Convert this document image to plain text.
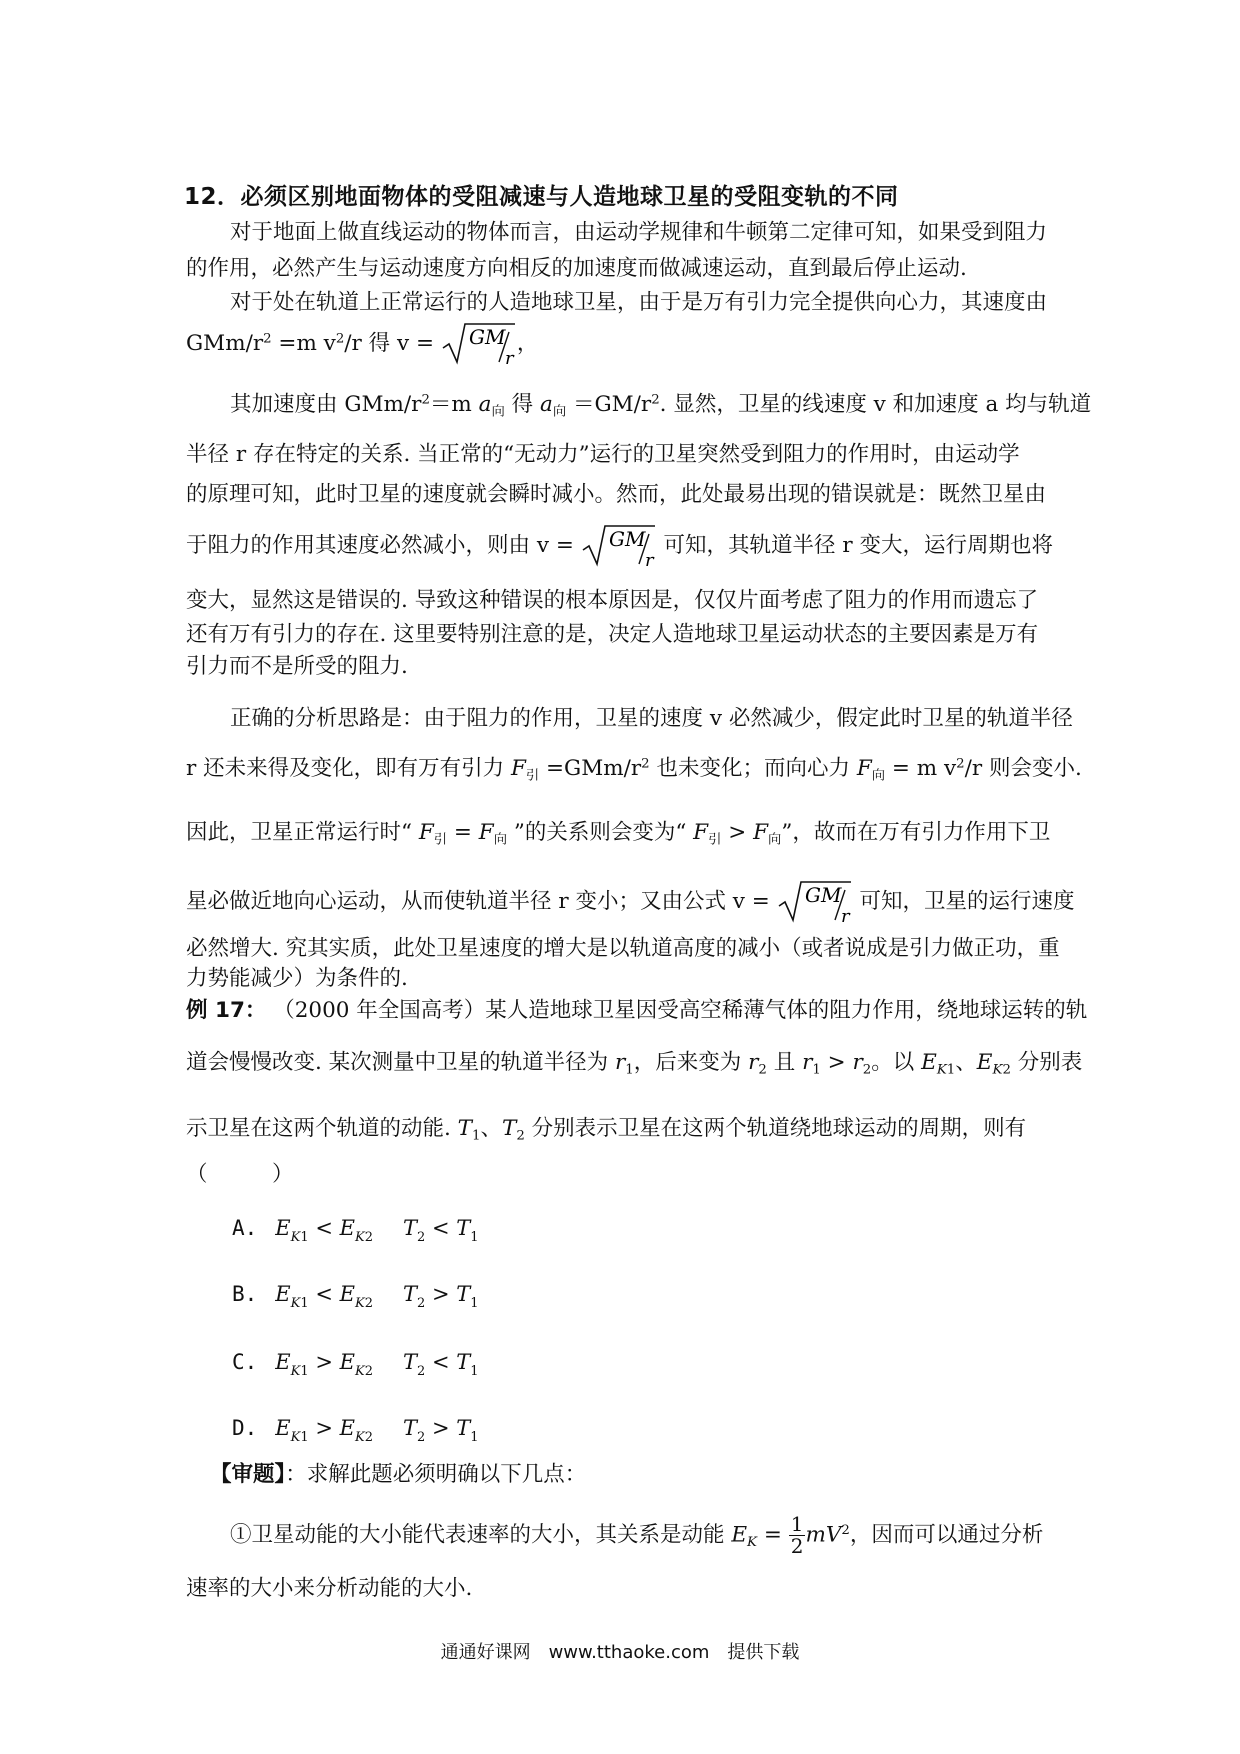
12．必须区别地面物体的受阻减速与人造地球卫星的受阻变轨的不同
对于地面上做直线运动的物体而言，由运动学规律和牛顿第二定律可知，如果受到阻力
的作用，必然产生与运动速度方向相反的加速度而做减速运动，直到最后停止运动.
对于处在轨道上正常运行的人造地球卫星，由于是万有引力完全提供向心力，其速度由
GMm/$r^2 =m$ $v^2/r$ 得 v = GM
r
，
其加速度由 GMm/$r^2=m$ $a_向$ 得 $a_向 =GM/r^2$. 显然，卫星的线速度 v 和加速度 a 均与轨道
半径 r 存在特定的关系. 当正常的“无动力”运行的卫星突然受到阻力的作用时，由运动学
的原理可知，此时卫星的速度就会瞬时减小。然而，此处最易出现的错误就是：既然卫星由
于阻力的作用其速度必然减小，则由 v = GM
r
可知，其轨道半径 r 变大，运行周期也将
变大，显然这是错误的. 导致这种错误的根本原因是，仅仅片面考虑了阻力的作用而遗忘了
还有万有引力的存在. 这里要特别注意的是，决定人造地球卫星运动状态的主要因素是万有
引力而不是所受的阻力.
正确的分析思路是：由于阻力的作用，卫星的速度 v 必然减少，假定此时卫星的轨道半径
r 还未来得及变化，即有万有引力 $F_引 =GMm/r^2$ 也未变化；而向心力 $F_向 = m$ $v^2/r$ 则会变小.
因此，卫星正常运行时“ $F_引 = F_向$ ”的关系则会变为“ $F_引 > F_向$”，故而在万有引力作用下卫
星必做近地向心运动，从而使轨道半径 r 变小；又由公式 v = GM
r
可知，卫星的运行速度
必然增大. 究其实质，此处卫星速度的增大是以轨道高度的减小（或者说成是引力做正功，重
力势能减少）为条件的.
例 17： （2000 年全国高考）某人造地球卫星因受高空稀薄气体的阻力作用，绕地球运转的轨
道会慢慢改变. 某次测量中卫星的轨道半径为 $r_1$，后来变为 $r_2$ 且 $r_1 > r_2$。以 $E_{K1}$、$E_{K2}$ 分别表
示卫星在这两个轨道的动能. $T_1$、$T_2$ 分别表示卫星在这两个轨道绕地球运动的周期，则有
（　　　）
A. $E_{K1} < E_{K2}$ $T_2 < T_1$
B. $E_{K1} < E_{K2}$ $T_2 > T_1$
C. $E_{K1} > E_{K2}$ $T_2 < T_1$
D. $E_{K1} > E_{K2}$ $T_2 > T_1$
【审题】：求解此题必须明确以下几点：
①卫星动能的大小能代表速率的大小，其关系是动能 $E_K = \frac{1}{2} mV^2$，因而可以通过分析
速率的大小来分析动能的大小.
通通好课网　www.tthaoke.com　提供下载
